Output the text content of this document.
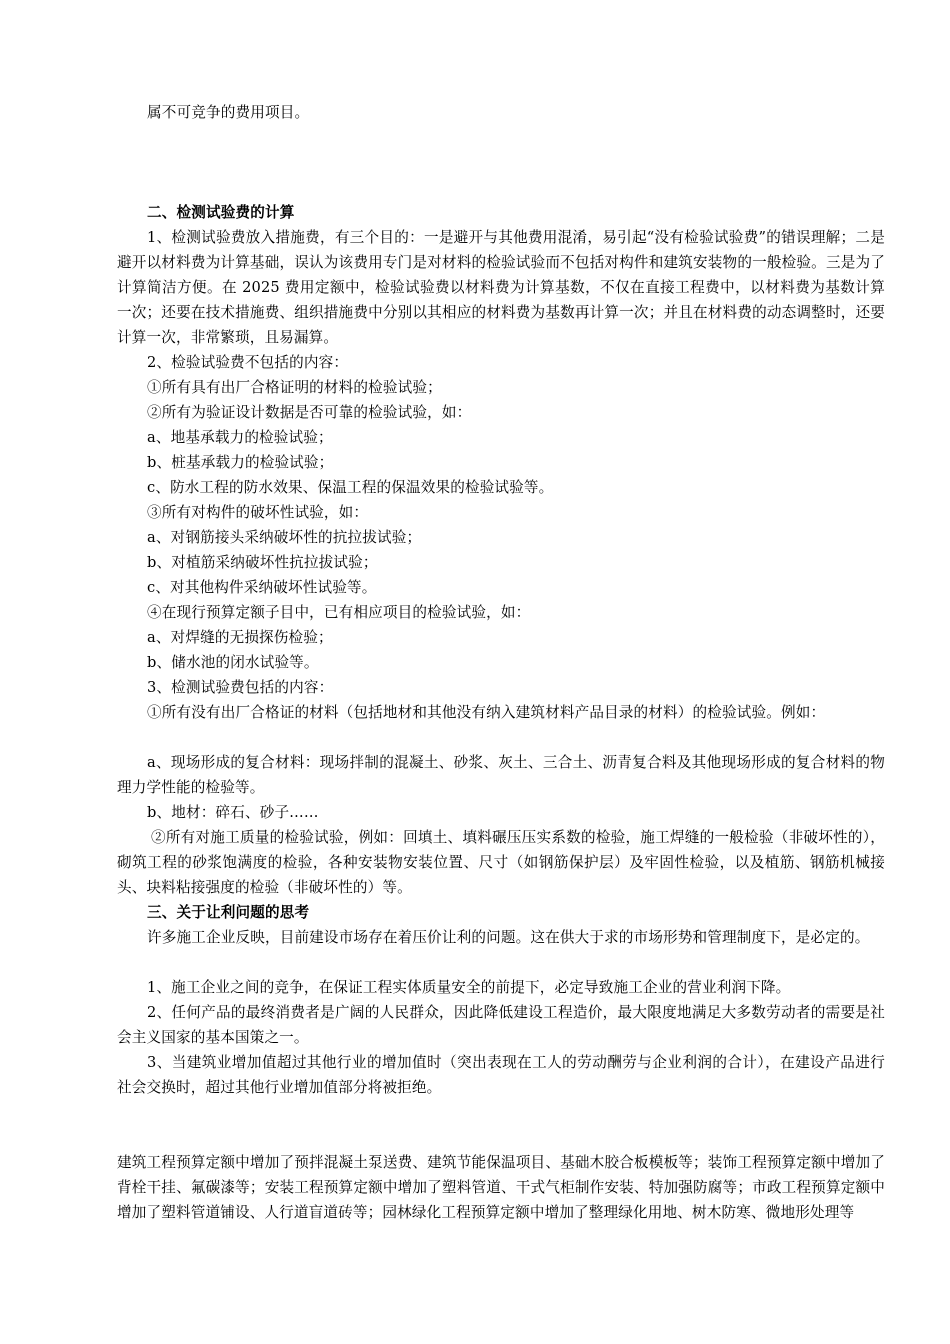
属不可竞争的费用项目。
二、检测试验费的计算
1、检测试验费放入措施费，有三个目的：一是避开与其他费用混淆，易引起“没有检验试验费”的错误理解；二是避开以材料费为计算基础，误认为该费用专门是对材料的检验试验而不包括对构件和建筑安装物的一般检验。三是为了计算简洁方便。在 2025 费用定额中，检验试验费以材料费为计算基数，不仅在直接工程费中，以材料费为基数计算一次；还要在技术措施费、组织措施费中分别以其相应的材料费为基数再计算一次；并且在材料费的动态调整时，还要计算一次，非常繁琐，且易漏算。
2、检验试验费不包括的内容：
①所有具有出厂合格证明的材料的检验试验；
②所有为验证设计数据是否可靠的检验试验，如：
a、地基承载力的检验试验；
b、桩基承载力的检验试验；
c、防水工程的防水效果、保温工程的保温效果的检验试验等。
③所有对构件的破坏性试验，如：
a、对钢筋接头采纳破坏性的抗拉拔试验；
b、对植筋采纳破坏性抗拉拔试验；
c、对其他构件采纳破坏性试验等。
④在现行预算定额子目中，已有相应项目的检验试验，如：
a、对焊缝的无损探伤检验；
b、储水池的闭水试验等。
3、检测试验费包括的内容：
①所有没有出厂合格证的材料（包括地材和其他没有纳入建筑材料产品目录的材料）的检验试验。例如：
a、现场形成的复合材料：现场拌制的混凝土、砂浆、灰土、三合土、沥青复合料及其他现场形成的复合材料的物理力学性能的检验等。
b、地材：碎石、砂子……
②所有对施工质量的检验试验，例如：回填土、填料碾压压实系数的检验，施工焊缝的一般检验（非破坏性的），砌筑工程的砂浆饱满度的检验，各种安装物安装位置、尺寸（如钢筋保护层）及牢固性检验，以及植筋、钢筋机械接头、块料粘接强度的检验（非破坏性的）等。
三、关于让利问题的思考
许多施工企业反映，目前建设市场存在着压价让利的问题。这在供大于求的市场形势和管理制度下，是必定的。
1、施工企业之间的竞争，在保证工程实体质量安全的前提下，必定导致施工企业的营业利润下降。
2、任何产品的最终消费者是广阔的人民群众，因此降低建设工程造价，最大限度地满足大多数劳动者的需要是社会主义国家的基本国策之一。
3、当建筑业增加值超过其他行业的增加值时（突出表现在工人的劳动酬劳与企业利润的合计），在建设产品进行社会交换时，超过其他行业增加值部分将被拒绝。
建筑工程预算定额中增加了预拌混凝土泵送费、建筑节能保温项目、基础木胶合板模板等；装饰工程预算定额中增加了背栓干挂、氟碳漆等；安装工程预算定额中增加了塑料管道、干式气柜制作安装、特加强防腐等；市政工程预算定额中增加了塑料管道铺设、人行道盲道砖等；园林绿化工程预算定额中增加了整理绿化用地、树木防寒、微地形处理等
